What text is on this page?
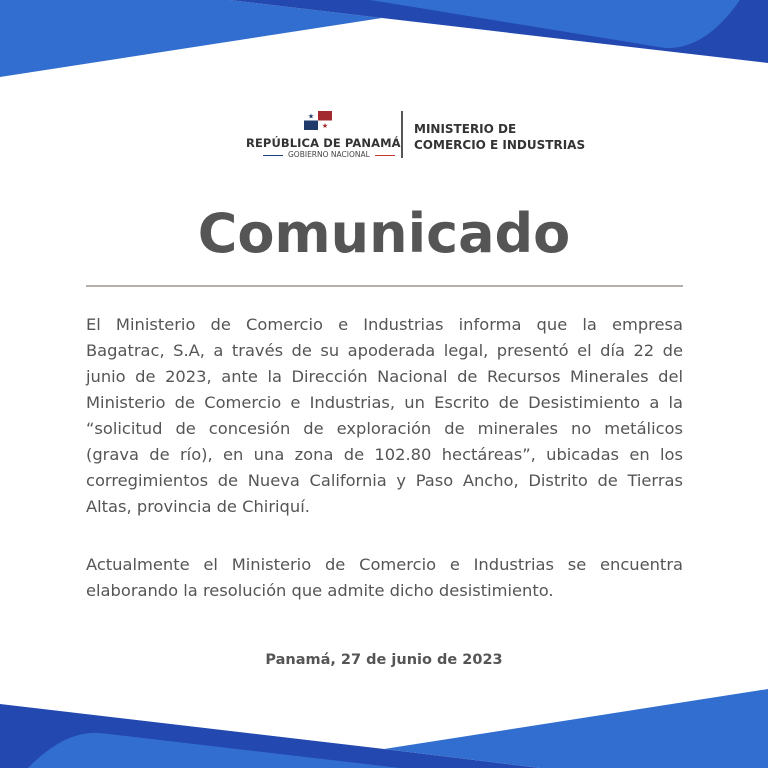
★
★
REPÚBLICA DE PANAMÁ
GOBIERNO NACIONAL
MINISTERIO DE
COMERCIO E INDUSTRIAS
Comunicado
El Ministerio de Comercio e Industrias informa que la empresa
Bagatrac, S.A, a través de su apoderada legal, presentó el día 22 de
junio de 2023, ante la Dirección Nacional de Recursos Minerales del
Ministerio de Comercio e Industrias, un Escrito de Desistimiento a la
“solicitud de concesión de exploración de minerales no metálicos
(grava de río), en una zona de 102.80 hectáreas”, ubicadas en los
corregimientos de Nueva California y Paso Ancho, Distrito de Tierras
Altas, provincia de Chiriquí.
Actualmente el Ministerio de Comercio e Industrias se encuentra
elaborando la resolución que admite dicho desistimiento.
Panamá, 27 de junio de 2023
